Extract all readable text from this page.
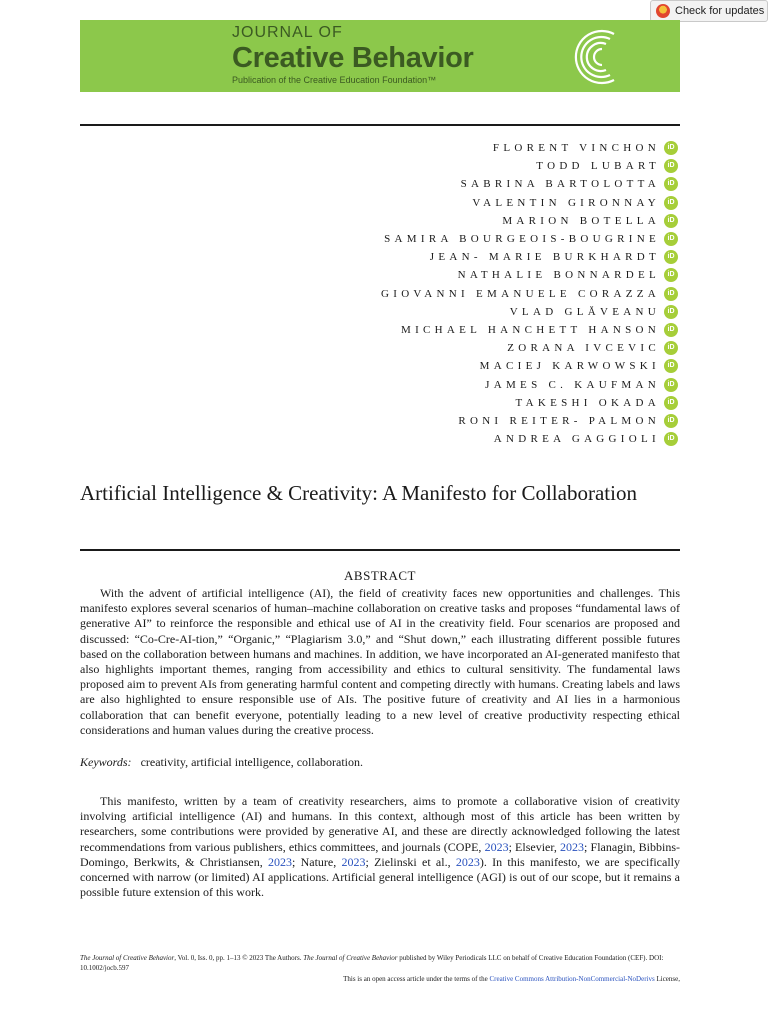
Check for updates
JOURNAL OF
Creative Behavior
Publication of the Creative Education Foundation™
FLORENT VINCHON	iD
TODD LUBART	iD
SABRINA BARTOLOTTA	iD
VALENTIN GIRONNAY	iD
MARION BOTELLA	iD
SAMIRA BOURGEOIS-BOUGRINE	iD
JEAN- MARIE BURKHARDT	iD
NATHALIE BONNARDEL	iD
GIOVANNI EMANUELE CORAZZA	iD
VLAD GLĂVEANU	iD
MICHAEL HANCHETT HANSON	iD
ZORANA IVCEVIC	iD
MACIEJ KARWOWSKI	iD
JAMES C. KAUFMAN	iD
TAKESHI OKADA	iD
RONI REITER- PALMON	iD
ANDREA GAGGIOLI	iD
Artificial Intelligence & Creativity: A Manifesto for Collaboration
ABSTRACT

With the advent of artificial intelligence (AI), the field of creativity faces new opportunities and challenges. This manifesto explores several scenarios of human–machine collaboration on creative tasks and proposes “fundamental laws of generative AI” to reinforce the responsible and ethical use of AI in the creativity field. Four scenarios are proposed and discussed: “Co-Cre-AI-tion,” “Organic,” “Plagiarism 3.0,” and “Shut down,” each illustrating different possible futures based on the collaboration between humans and machines. In addition, we have incorporated an AI-generated manifesto that also highlights important themes, ranging from accessibility and ethics to cultural sensitivity. The fundamental laws proposed aim to prevent AIs from generating harmful content and competing directly with humans. Creating labels and laws are also highlighted to ensure responsible use of AIs. The positive future of creativity and AI lies in a harmonious collaboration that can benefit everyone, potentially leading to a new level of creative productivity respecting ethical considerations and human values during the creative process.

Keywords: creativity, artificial intelligence, collaboration.

This manifesto, written by a team of creativity researchers, aims to promote a collaborative vision of creativity involving artificial intelligence (AI) and humans. In this context, although most of this article has been written by researchers, some contributions were provided by generative AI, and these are directly acknowledged following the latest recommendations from various publishers, ethics committees, and journals (COPE, 2023; Elsevier, 2023; Flanagin, Bibbins-Domingo, Berkwits, & Christiansen, 2023; Nature, 2023; Zielinski et al., 2023). In this manifesto, we are specifically concerned with narrow (or limited) AI applications. Artificial general intelligence (AGI) is out of our scope, but it remains a possible future extension of this work.

The Journal of Creative Behavior, Vol. 0, Iss. 0, pp. 1–13 © 2023 The Authors. The Journal of Creative Behavior published by Wiley Periodicals LLC on behalf of Creative Education Foundation (CEF). DOI: 10.1002/jocb.597
This is an open access article under the terms of the Creative Commons Attribution-NonCommercial-NoDerivs License,
